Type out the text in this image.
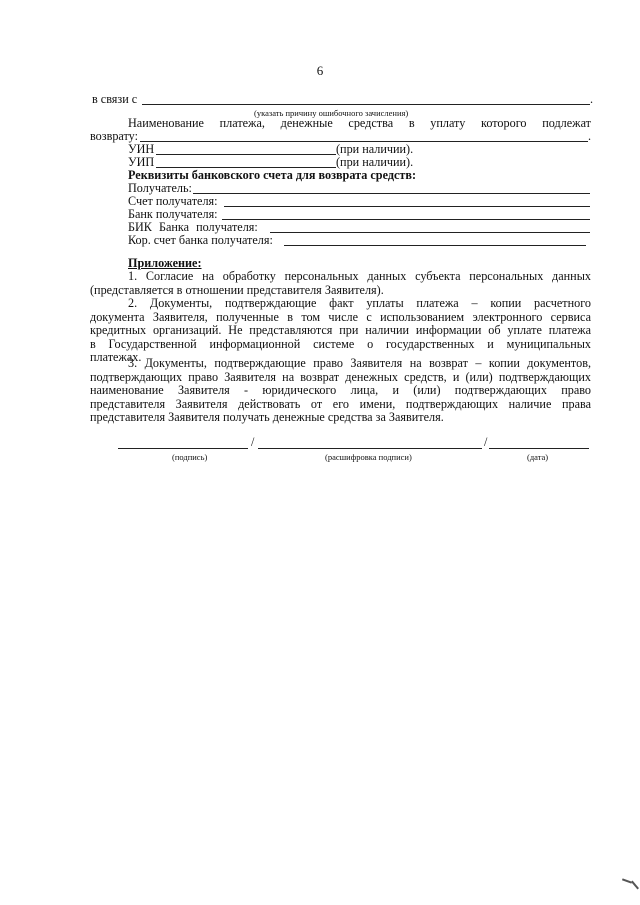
6
в связи с	.
(указать причину ошибочного зачисления)
Наименование платежа, денежные средства в уплату которого подлежат
возврату:	.
УИН	(при наличии).
УИП	(при наличии).
Реквизиты банковского счета для возврата средств:
Получатель:
Счет получателя:
Банк получателя:
БИК Банка получателя:
Кор. счет банка получателя:
Приложение:
1. Согласие на обработку персональных данных субъекта персональных данных
(представляется в отношении представителя Заявителя).
2. Документы, подтверждающие факт уплаты платежа – копии расчетного
документа Заявителя, полученные в том числе с использованием электронного сервиса
кредитных организаций. Не представляются при наличии информации об уплате платежа
в Государственной информационной системе о государственных и муниципальных
платежах.
3. Документы, подтверждающие право Заявителя на возврат – копии документов,
подтверждающих право Заявителя на возврат денежных средств, и (или) подтверждающих
наименование Заявителя - юридического лица, и (или) подтверждающих право
представителя Заявителя действовать от его имени, подтверждающих наличие права
представителя Заявителя получать денежные средства за Заявителя.
/	/
(подпись)	(расшифровка подписи)	(дата)
